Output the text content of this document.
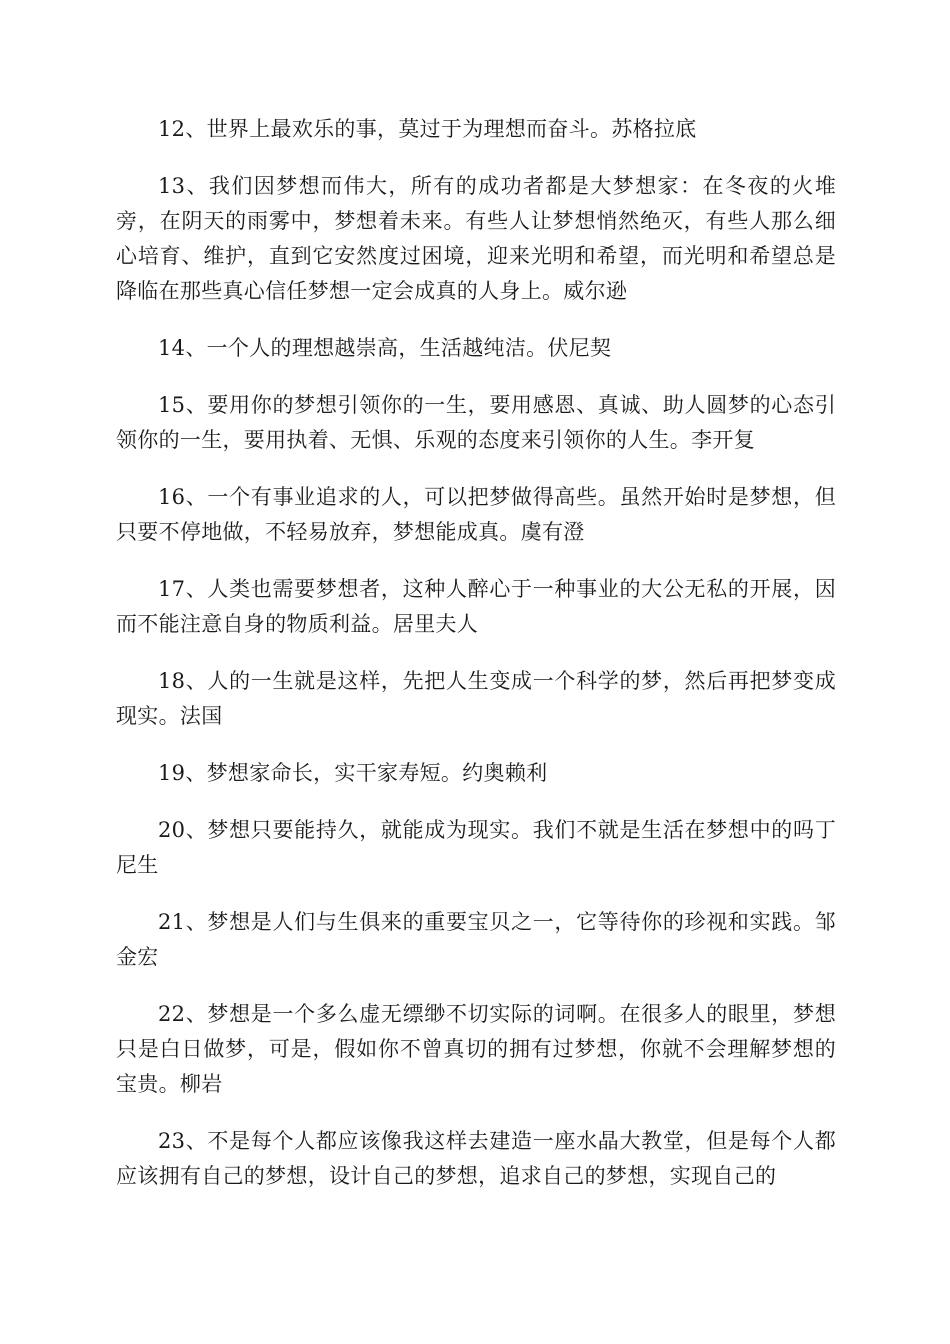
12、世界上最欢乐的事，莫过于为理想而奋斗。苏格拉底

13、我们因梦想而伟大，所有的成功者都是大梦想家：在冬夜的火堆旁，在阴天的雨雾中，梦想着未来。有些人让梦想悄然绝灭，有些人那么细心培育、维护，直到它安然度过困境，迎来光明和希望，而光明和希望总是降临在那些真心信任梦想一定会成真的人身上。威尔逊

14、一个人的理想越崇高，生活越纯洁。伏尼契

15、要用你的梦想引领你的一生，要用感恩、真诚、助人圆梦的心态引领你的一生，要用执着、无惧、乐观的态度来引领你的人生。李开复

16、一个有事业追求的人，可以把梦做得高些。虽然开始时是梦想，但只要不停地做，不轻易放弃，梦想能成真。虞有澄

17、人类也需要梦想者，这种人醉心于一种事业的大公无私的开展，因而不能注意自身的物质利益。居里夫人

18、人的一生就是这样，先把人生变成一个科学的梦，然后再把梦变成现实。法国

19、梦想家命长，实干家寿短。约奥赖利

20、梦想只要能持久，就能成为现实。我们不就是生活在梦想中的吗丁尼生

21、梦想是人们与生俱来的重要宝贝之一，它等待你的珍视和实践。邹金宏

22、梦想是一个多么虚无缥缈不切实际的词啊。在很多人的眼里，梦想只是白日做梦，可是，假如你不曾真切的拥有过梦想，你就不会理解梦想的宝贵。柳岩

23、不是每个人都应该像我这样去建造一座水晶大教堂，但是每个人都应该拥有自己的梦想，设计自己的梦想，追求自己的梦想，实现自己的
